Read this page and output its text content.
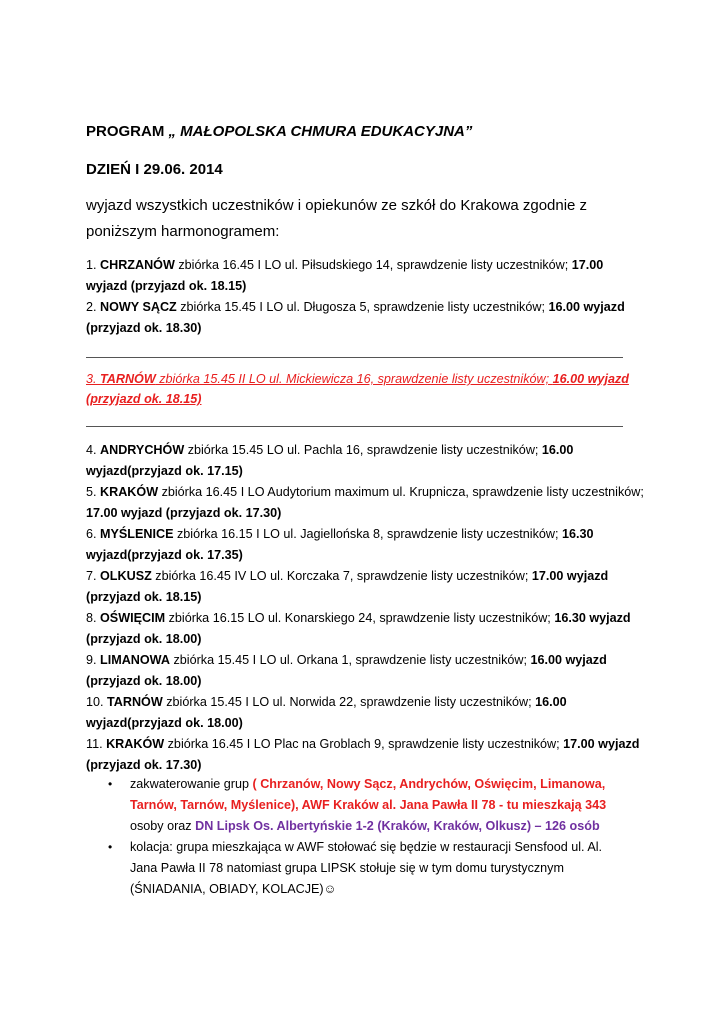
PROGRAM „ MAŁOPOLSKA CHMURA EDUKACYJNA”
DZIEŃ I 29.06. 2014
wyjazd wszystkich uczestników i opiekunów ze szkół do Krakowa zgodnie z poniższym harmonogramem:

1. CHRZANÓW zbiórka 16.45 I LO ul. Piłsudskiego 14, sprawdzenie listy uczestników; 17.00 wyjazd (przyjazd ok. 18.15)

2. NOWY SĄCZ zbiórka 15.45 I LO ul. Długosza 5, sprawdzenie listy uczestników; 16.00 wyjazd (przyjazd ok. 18.30)

3. TARNÓW zbiórka 15.45 II LO ul. Mickiewicza 16, sprawdzenie listy uczestników; 16.00 wyjazd (przyjazd ok. 18.15)

4. ANDRYCHÓW zbiórka 15.45 LO ul. Pachla 16, sprawdzenie listy uczestników; 16.00 wyjazd(przyjazd ok. 17.15)

5. KRAKÓW zbiórka 16.45 I LO Audytorium maximum ul. Krupnicza, sprawdzenie listy uczestników; 17.00 wyjazd (przyjazd ok. 17.30)

6. MYŚLENICE zbiórka 16.15 I LO ul. Jagiellońska 8, sprawdzenie listy uczestników; 16.30 wyjazd(przyjazd ok. 17.35)

7. OLKUSZ zbiórka 16.45 IV LO ul. Korczaka 7, sprawdzenie listy uczestników; 17.00 wyjazd (przyjazd ok. 18.15)

8. OŚWIĘCIM zbiórka 16.15 LO ul. Konarskiego 24, sprawdzenie listy uczestników; 16.30 wyjazd (przyjazd ok. 18.00)

9. LIMANOWA zbiórka 15.45 I LO ul. Orkana 1, sprawdzenie listy uczestników; 16.00 wyjazd (przyjazd ok. 18.00)

10. TARNÓW zbiórka 15.45 I LO ul. Norwida 22, sprawdzenie listy uczestników; 16.00 wyjazd(przyjazd ok. 18.00)

11. KRAKÓW zbiórka 16.45 I LO Plac na Groblach 9, sprawdzenie listy uczestników; 17.00 wyjazd (przyjazd ok. 17.30)

• zakwaterowanie grup ( Chrzanów, Nowy Sącz, Andrychów, Oświęcim, Limanowa, Tarnów, Tarnów, Myślenice), AWF Kraków al. Jana Pawła II 78 - tu mieszkają 343 osoby oraz DN Lipsk Os. Albertyńskie 1-2 (Kraków, Kraków, Olkusz) – 126 osób
• kolacja: grupa mieszkająca w AWF stołować się będzie w restauracji Sensfood ul. Al. Jana Pawła II 78 natomiast grupa LIPSK stołuje się w tym domu turystycznym (ŚNIADANIA, OBIADY, KOLACJE)☺
